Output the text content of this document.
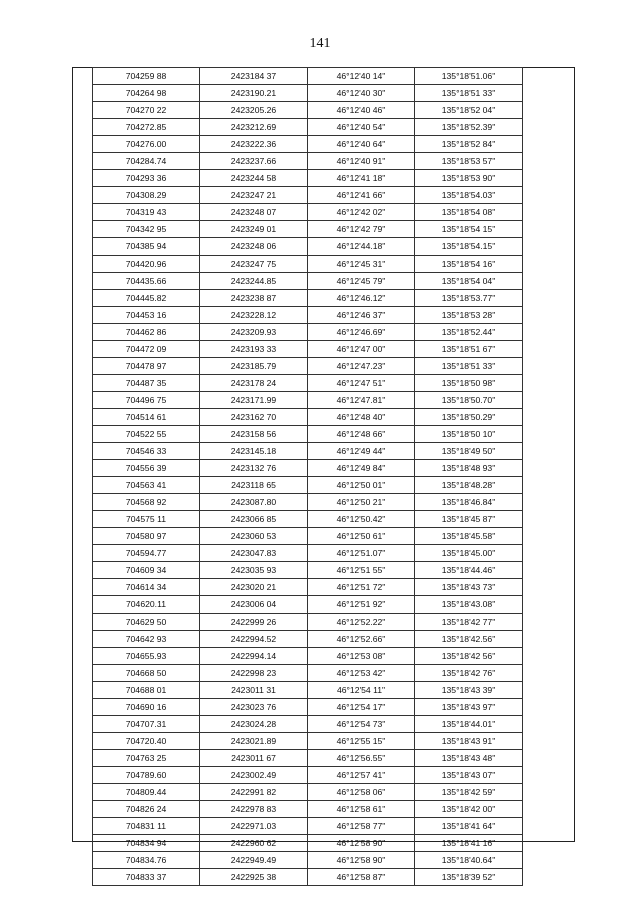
141
704259 88	2423184 37	46°12'40 14"	135°18'51.06"
704264 98	2423190.21	46°12'40 30"	135°18'51 33"
704270 22	2423205.26	46°12'40 46"	135°18'52 04"
704272.85	2423212.69	46°12'40 54"	135°18'52.39"
704276.00	2423222.36	46°12'40 64"	135°18'52 84"
704284.74	2423237.66	46°12'40 91"	135°18'53 57"
704293 36	2423244 58	46°12'41 18"	135°18'53 90"
704308.29	2423247 21	46°12'41 66"	135°18'54.03"
704319 43	2423248 07	46°12'42 02"	135°18'54 08"
704342 95	2423249 01	46°12'42 79"	135°18'54 15"
704385 94	2423248 06	46°12'44.18"	135°18'54.15"
704420.96	2423247 75	46°12'45 31"	135°18'54 16"
704435.66	2423244.85	46°12'45 79"	135°18'54 04"
704445.82	2423238 87	46°12'46.12"	135°18'53.77"
704453 16	2423228.12	46°12'46 37"	135°18'53 28"
704462 86	2423209.93	46°12'46.69"	135°18'52.44"
704472 09	2423193 33	46°12'47 00"	135°18'51 67"
704478 97	2423185.79	46°12'47.23"	135°18'51 33"
704487 35	2423178 24	46°12'47 51"	135°18'50 98"
704496 75	2423171.99	46°12'47.81"	135°18'50.70"
704514 61	2423162 70	46°12'48 40"	135°18'50.29"
704522 55	2423158 56	46°12'48 66"	135°18'50 10"
704546 33	2423145.18	46°12'49 44"	135°18'49 50"
704556 39	2423132 76	46°12'49 84"	135°18'48 93"
704563 41	2423118 65	46°12'50 01"	135°18'48.28"
704568 92	2423087.80	46°12'50 21"	135°18'46.84"
704575 11	2423066 85	46°12'50.42"	135°18'45 87"
704580 97	2423060 53	46°12'50 61"	135°18'45.58"
704594.77	2423047.83	46°12'51.07"	135°18'45.00"
704609 34	2423035 93	46°12'51 55"	135°18'44.46"
704614 34	2423020 21	46°12'51 72"	135°18'43 73"
704620.11	2423006 04	46°12'51 92"	135°18'43.08"
704629 50	2422999 26	46°12'52.22"	135°18'42 77"
704642 93	2422994.52	46°12'52.66"	135°18'42.56"
704655.93	2422994.14	46°12'53 08"	135°18'42 56"
704668 50	2422998 23	46°12'53 42"	135°18'42 76"
704688 01	2423011 31	46°12'54 11"	135°18'43 39"
704690 16	2423023 76	46°12'54 17"	135°18'43 97"
704707.31	2423024.28	46°12'54 73"	135°18'44.01"
704720.40	2423021.89	46°12'55 15"	135°18'43 91"
704763 25	2423011 67	46°12'56.55"	135°18'43 48"
704789.60	2423002.49	46°12'57 41"	135°18'43 07"
704809.44	2422991 82	46°12'58 06"	135°18'42 59"
704826 24	2422978 83	46°12'58 61"	135°18'42 00"
704831 11	2422971.03	46°12'58 77"	135°18'41 64"
704834 94	2422960 62	46°12'58 90"	135°18'41 16"
704834.76	2422949.49	46°12'58 90"	135°18'40.64"
704833 37	2422925 38	46°12'58 87"	135°18'39 52"
